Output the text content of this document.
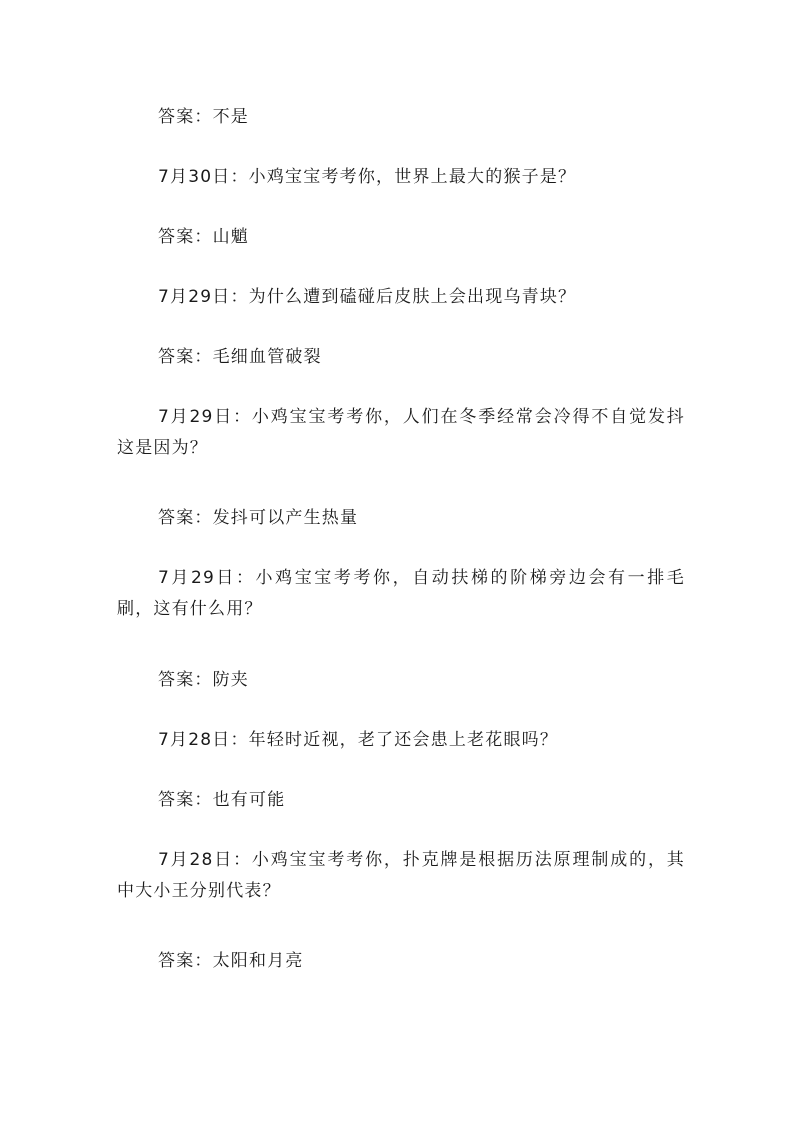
答案：不是

7月30日：小鸡宝宝考考你，世界上最大的猴子是？

答案：山魈

7月29日：为什么遭到磕碰后皮肤上会出现乌青块？

答案：毛细血管破裂

7月29日：小鸡宝宝考考你，人们在冬季经常会冷得不自觉发抖这是因为？

答案：发抖可以产生热量

7月29日：小鸡宝宝考考你，自动扶梯的阶梯旁边会有一排毛刷，这有什么用？

答案：防夹

7月28日：年轻时近视，老了还会患上老花眼吗？

答案：也有可能

7月28日：小鸡宝宝考考你，扑克牌是根据历法原理制成的，其中大小王分别代表？

答案：太阳和月亮
